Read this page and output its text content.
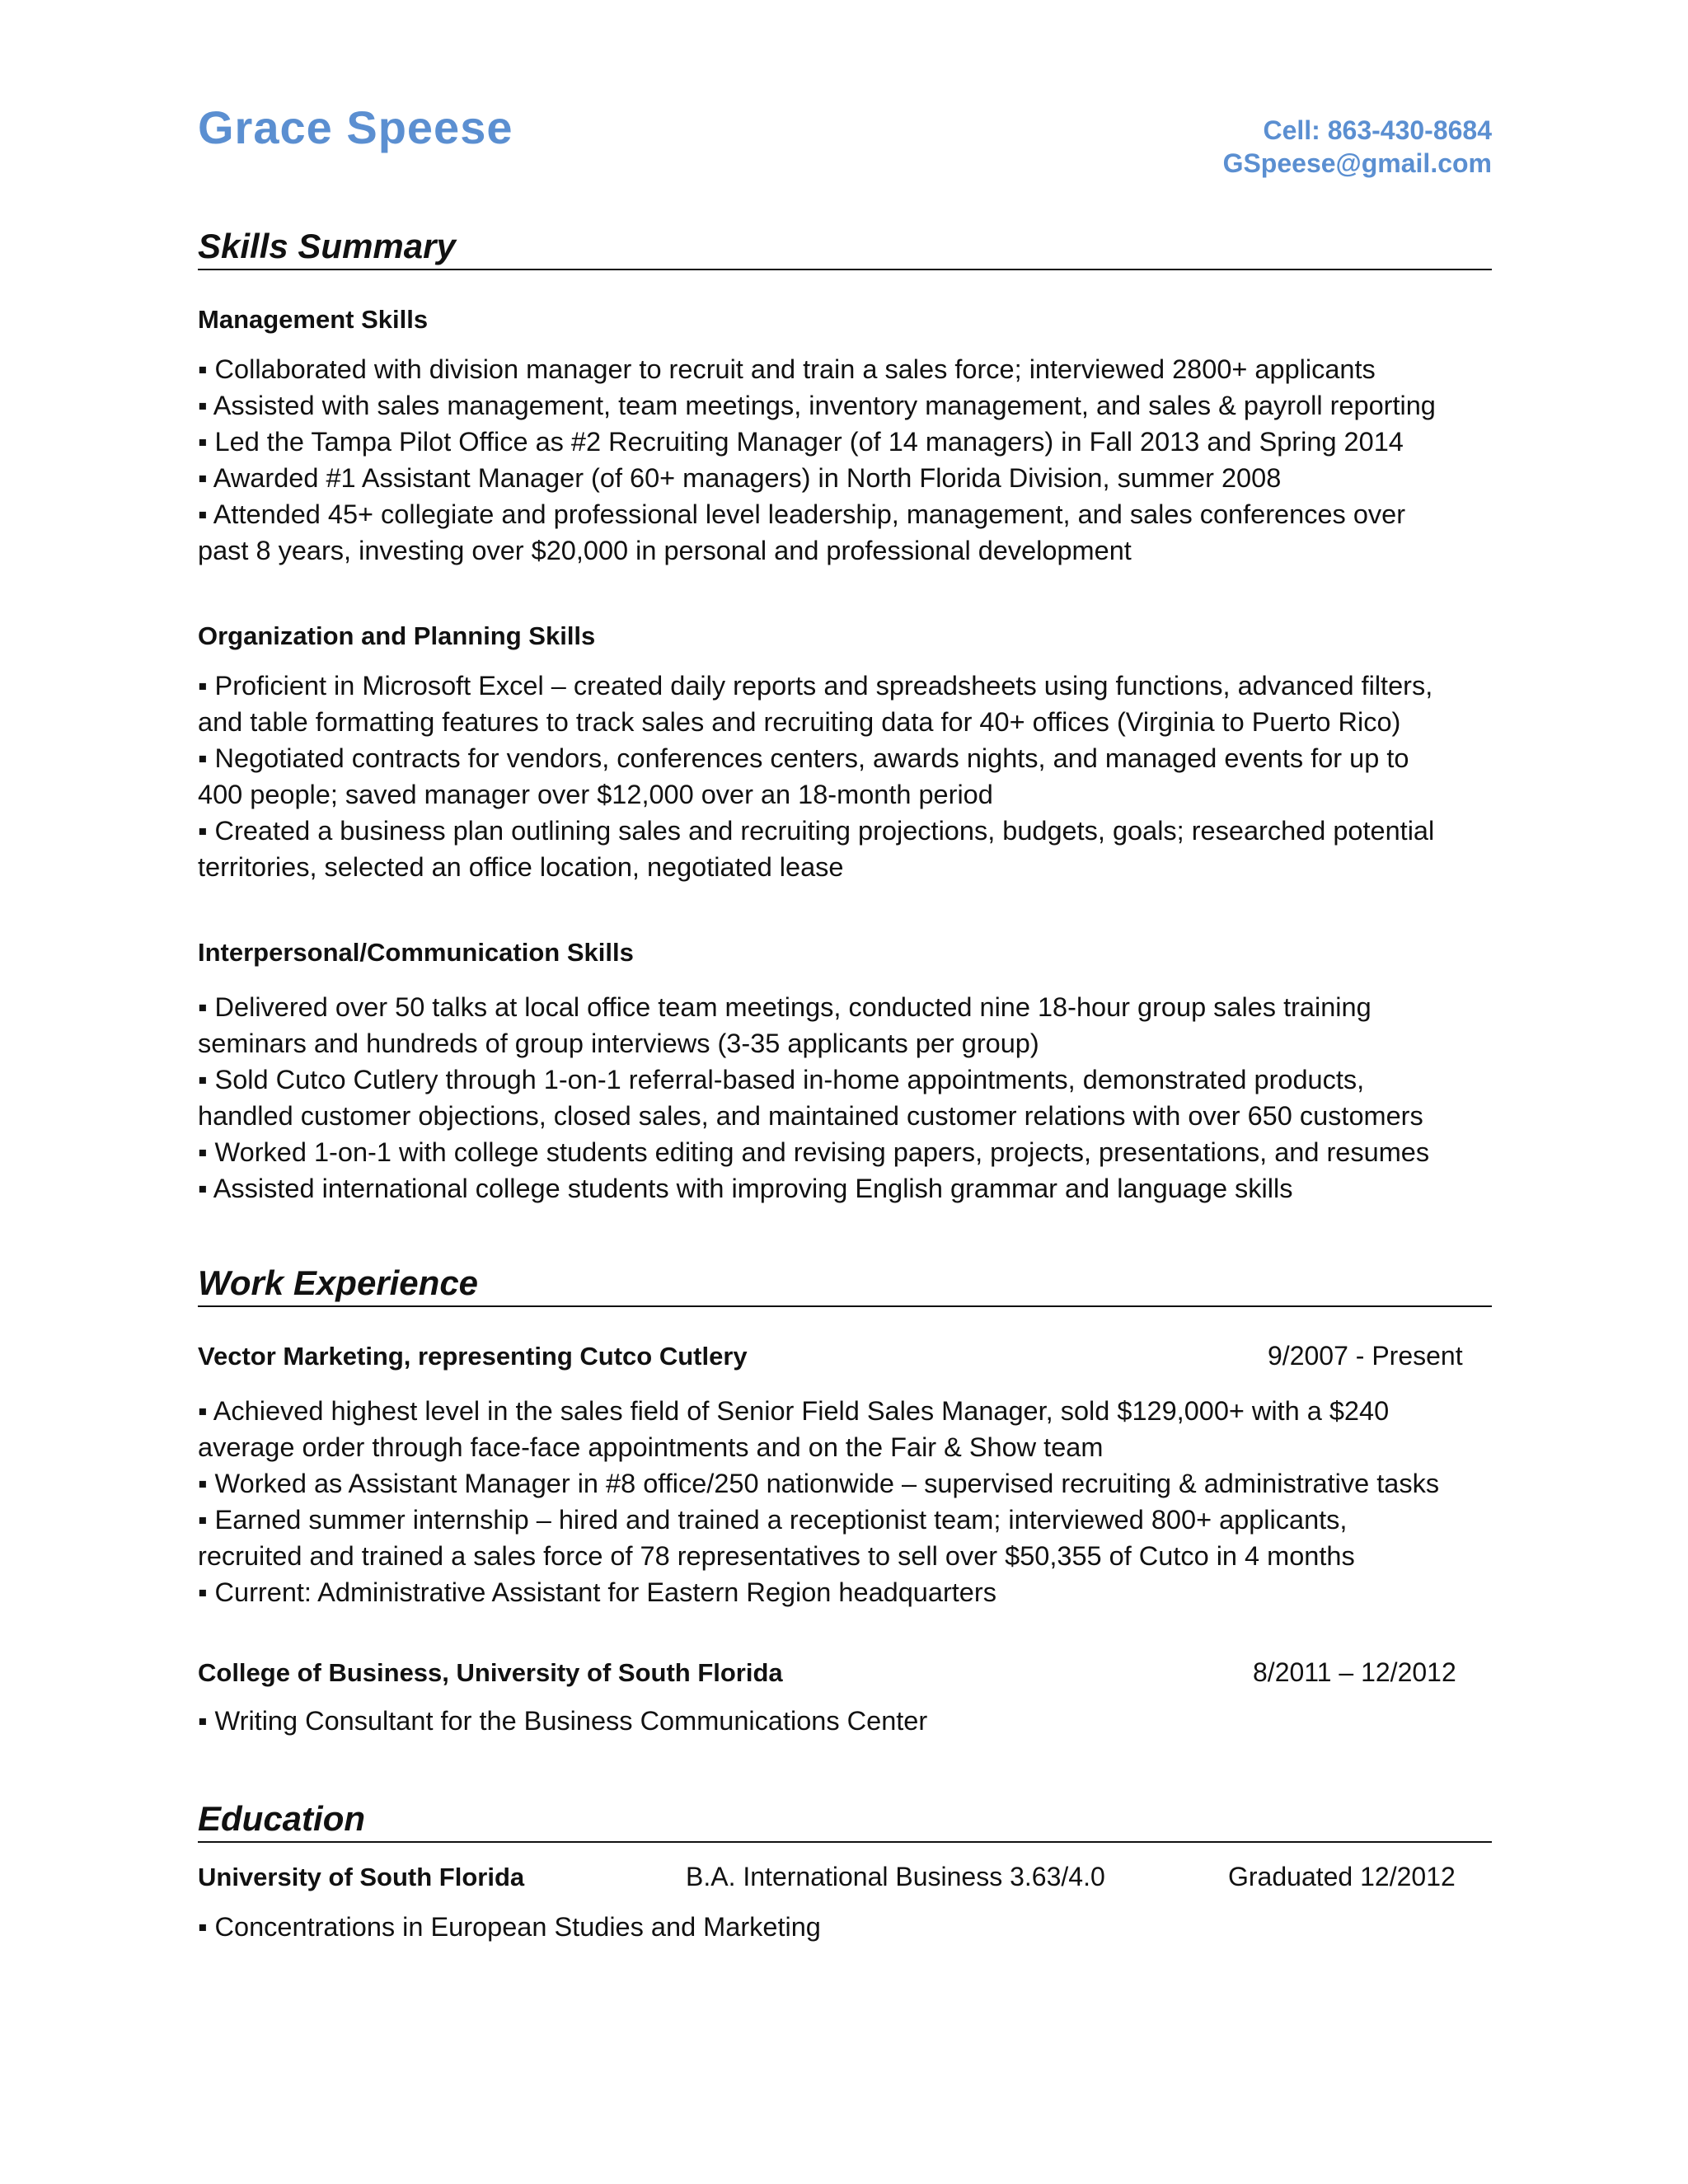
Grace Speese	Cell: 863-430-8684
GSpeese@gmail.com
Skills Summary
Management Skills
▪ Collaborated with division manager to recruit and train a sales force; interviewed 2800+ applicants
▪ Assisted with sales management, team meetings, inventory management, and sales & payroll reporting
▪ Led the Tampa Pilot Office as #2 Recruiting Manager (of 14 managers) in Fall 2013 and Spring 2014
▪ Awarded #1 Assistant Manager (of 60+ managers) in North Florida Division, summer 2008
▪ Attended 45+ collegiate and professional level leadership, management, and sales conferences over
past 8 years, investing over $20,000 in personal and professional development
Organization and Planning Skills
▪ Proficient in Microsoft Excel – created daily reports and spreadsheets using functions, advanced filters,
and table formatting features to track sales and recruiting data for 40+ offices (Virginia to Puerto Rico)
▪ Negotiated contracts for vendors, conferences centers, awards nights, and managed events for up to
400 people; saved manager over $12,000 over an 18-month period
▪ Created a business plan outlining sales and recruiting projections, budgets, goals; researched potential
territories, selected an office location, negotiated lease
Interpersonal/Communication Skills
▪ Delivered over 50 talks at local office team meetings, conducted nine 18-hour group sales training
seminars and hundreds of group interviews (3-35 applicants per group)
▪ Sold Cutco Cutlery through 1-on-1 referral-based in-home appointments, demonstrated products,
handled customer objections, closed sales, and maintained customer relations with over 650 customers
▪ Worked 1-on-1 with college students editing and revising papers, projects, presentations, and resumes
▪ Assisted international college students with improving English grammar and language skills
Work Experience
Vector Marketing, representing Cutco Cutlery	9/2007 - Present
▪ Achieved highest level in the sales field of Senior Field Sales Manager, sold $129,000+ with a $240
average order through face-face appointments and on the Fair & Show team
▪ Worked as Assistant Manager in #8 office/250 nationwide – supervised recruiting & administrative tasks
▪ Earned summer internship – hired and trained a receptionist team; interviewed 800+ applicants,
recruited and trained a sales force of 78 representatives to sell over $50,355 of Cutco in 4 months
▪ Current: Administrative Assistant for Eastern Region headquarters
College of Business, University of South Florida	8/2011 – 12/2012
▪ Writing Consultant for the Business Communications Center
Education
University of South Florida	B.A. International Business 3.63/4.0	Graduated 12/2012
▪ Concentrations in European Studies and Marketing
